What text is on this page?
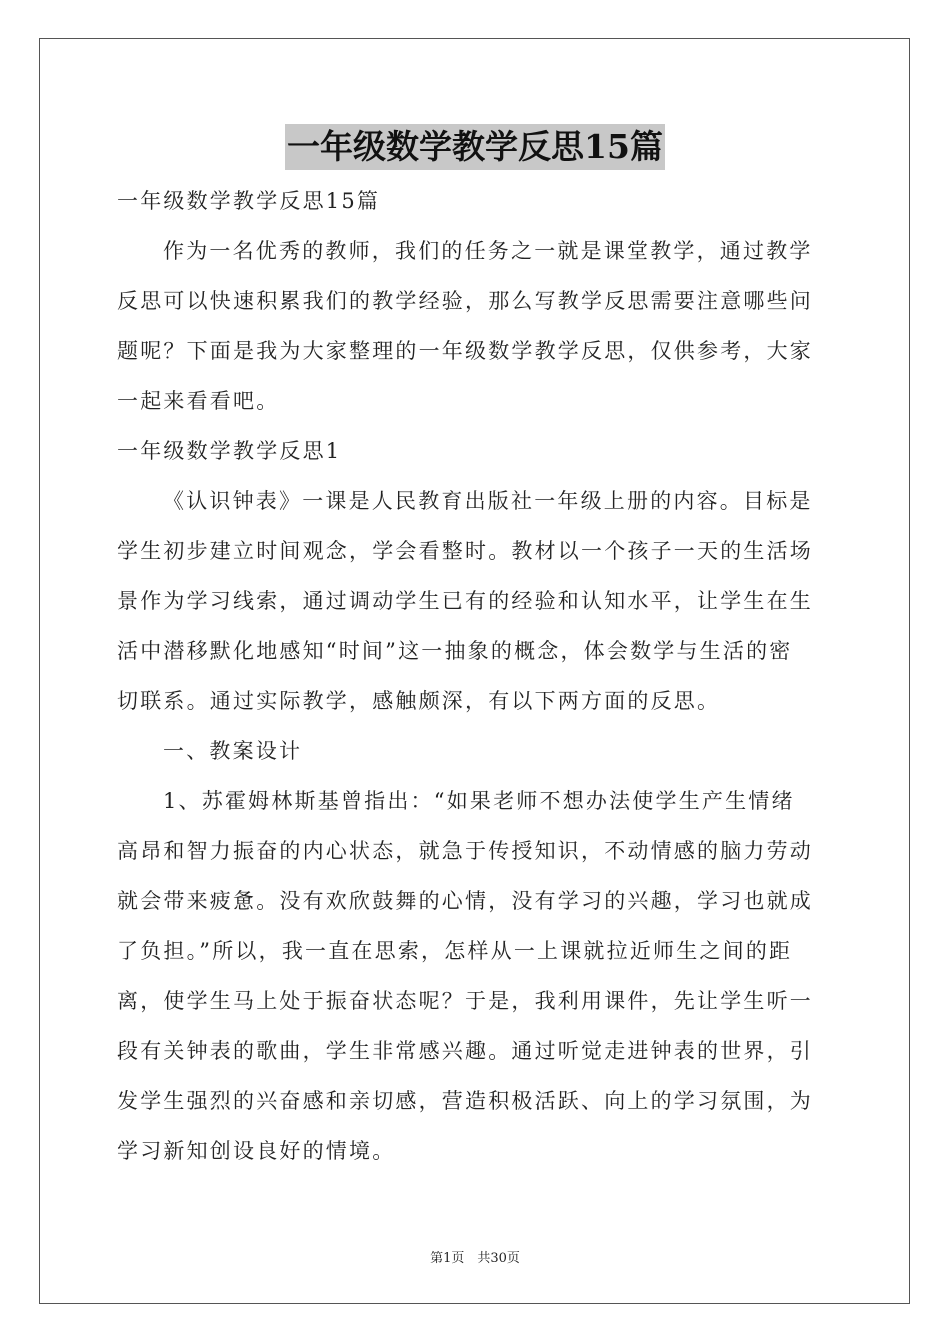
一年级数学教学反思15篇
一年级数学教学反思15篇
作为一名优秀的教师，我们的任务之一就是课堂教学，通过教学
反思可以快速积累我们的教学经验，那么写教学反思需要注意哪些问
题呢？下面是我为大家整理的一年级数学教学反思，仅供参考，大家
一起来看看吧。
一年级数学教学反思1
《认识钟表》一课是人民教育出版社一年级上册的内容。目标是
学生初步建立时间观念，学会看整时。教材以一个孩子一天的生活场
景作为学习线索，通过调动学生已有的经验和认知水平，让学生在生
活中潜移默化地感知“时间”这一抽象的概念，体会数学与生活的密
切联系。通过实际教学，感触颇深，有以下两方面的反思。
一、教案设计
1、苏霍姆林斯基曾指出：“如果老师不想办法使学生产生情绪
高昂和智力振奋的内心状态，就急于传授知识，不动情感的脑力劳动
就会带来疲惫。没有欢欣鼓舞的心情，没有学习的兴趣，学习也就成
了负担。”所以，我一直在思索，怎样从一上课就拉近师生之间的距
离，使学生马上处于振奋状态呢？于是，我利用课件，先让学生听一
段有关钟表的歌曲，学生非常感兴趣。通过听觉走进钟表的世界，引
发学生强烈的兴奋感和亲切感，营造积极活跃、向上的学习氛围，为
学习新知创设良好的情境。
第1页　共30页
